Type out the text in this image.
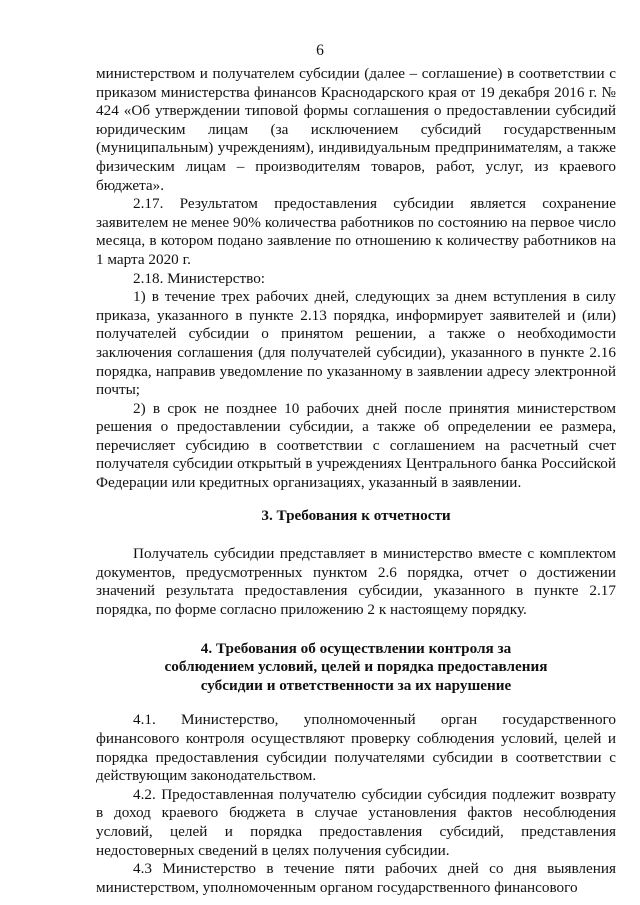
6

министерством и получателем субсидии (далее – соглашение) в соответствии с приказом министерства финансов Краснодарского края от 19 декабря 2016 г. № 424 «Об утверждении типовой формы соглашения о предоставлении субсидий юридическим лицам (за исключением субсидий государственным (муниципальным) учреждениям), индивидуальным предпринимателям, а также физическим лицам – производителям товаров, работ, услуг, из краевого бюджета».

2.17. Результатом предоставления субсидии является сохранение заявителем не менее 90% количества работников по состоянию на первое число месяца, в котором подано заявление по отношению к количеству работников на 1 марта 2020 г.

2.18. Министерство:

1) в течение трех рабочих дней, следующих за днем вступления в силу приказа, указанного в пункте 2.13 порядка, информирует заявителей и (или) получателей субсидии о принятом решении, а также о необходимости заключения соглашения (для получателей субсидии), указанного в пункте 2.16 порядка, направив уведомление по указанному в заявлении адресу электронной почты;

2) в срок не позднее 10 рабочих дней после принятия министерством решения о предоставлении субсидии, а также об определении ее размера, перечисляет субсидию в соответствии с соглашением на расчетный счет получателя субсидии открытый в учреждениях Центрального банка Российской Федерации или кредитных организациях, указанный в заявлении.

3. Требования к отчетности

Получатель субсидии представляет в министерство вместе с комплектом документов, предусмотренных пунктом 2.6 порядка, отчет о достижении значений результата предоставления субсидии, указанного в пункте 2.17 порядка, по форме согласно приложению 2 к настоящему порядку.

4. Требования об осуществлении контроля за

соблюдением условий, целей и порядка предоставления

субсидии и ответственности за их нарушение

4.1. Министерство, уполномоченный орган государственного финансового контроля осуществляют проверку соблюдения условий, целей и порядка предоставления субсидии получателями субсидии в соответствии с действующим законодательством.

4.2. Предоставленная получателю субсидии субсидия подлежит возврату в доход краевого бюджета в случае установления фактов несоблюдения условий, целей и порядка предоставления субсидий, представления недостоверных сведений в целях получения субсидии.

4.3 Министерство в течение пяти рабочих дней со дня выявления министерством, уполномоченным органом государственного финансового
